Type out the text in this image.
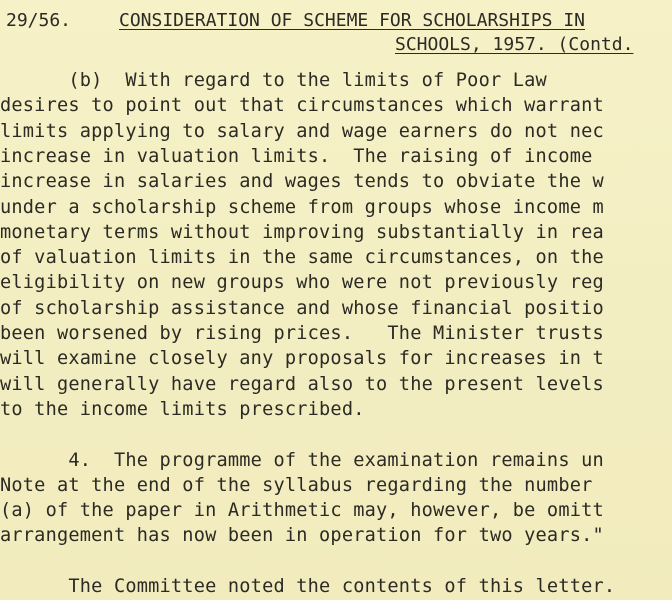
29/56.	CONSIDERATION OF SCHEME FOR SCHOLARSHIPS IN
SCHOOLS, 1957. (Contd.
(b)  With regard to the limits of Poor Law
desires to point out that circumstances which warrant
limits applying to salary and wage earners do not nec
increase in valuation limits.  The raising of income
increase in salaries and wages tends to obviate the w
under a scholarship scheme from groups whose income m
monetary terms without improving substantially in rea
of valuation limits in the same circumstances, on the
eligibility on new groups who were not previously reg
of scholarship assistance and whose financial positio
been worsened by rising prices.   The Minister trusts
will examine closely any proposals for increases in t
will generally have regard also to the present levels
to the income limits prescribed.
4.  The programme of the examination remains un
Note at the end of the syllabus regarding the number
(a) of the paper in Arithmetic may, however, be omitt
arrangement has now been in operation for two years."
The Committee noted the contents of this letter.
